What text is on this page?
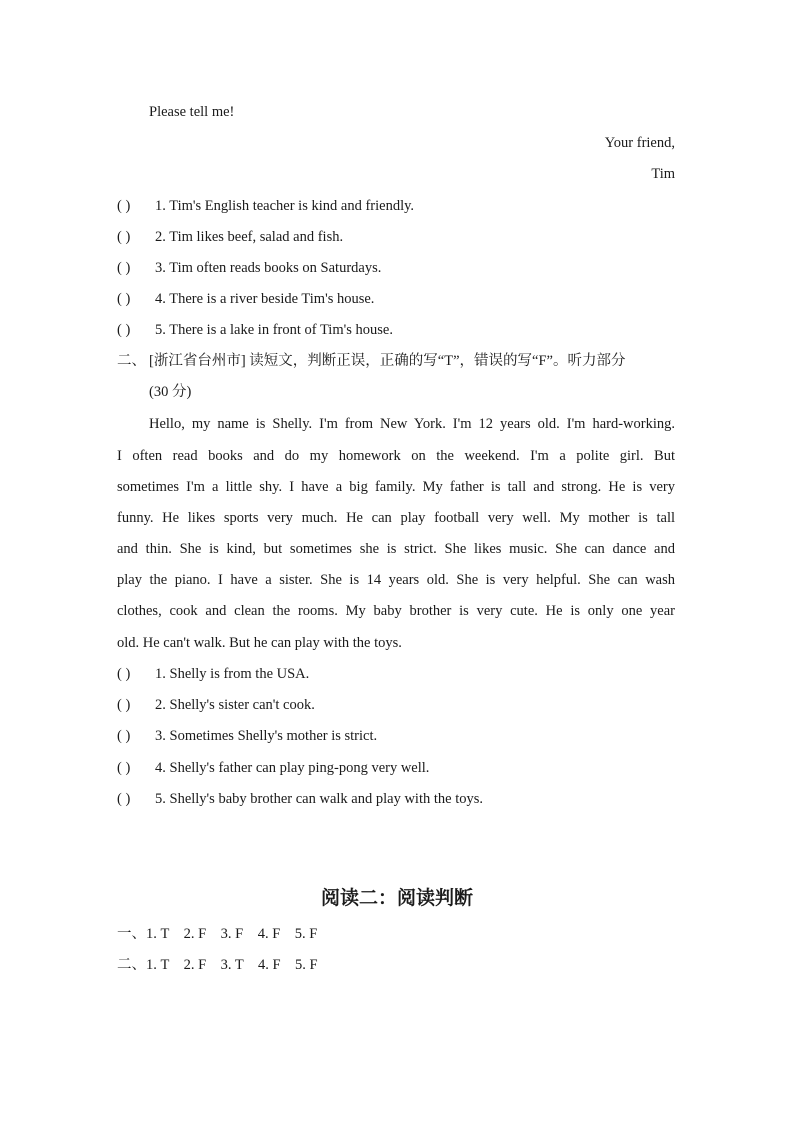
Please tell me!
Your friend,
Tim
( )	1. Tim's English teacher is kind and friendly.
( )	2. Tim likes beef, salad and fish.
( )	3. Tim often reads books on Saturdays.
( )	4. There is a river beside Tim's house.
( )	5. There is a lake in front of Tim's house.
二、 [浙江省台州市] 读短文，判断正误，正确的写“T”，错误的写“F”。听力部分
(30 分)
Hello, my name is Shelly. I'm from New York. I'm 12 years old. I'm hard-working.
I often read books and do my homework on the weekend. I'm a polite girl. But
sometimes I'm a little shy. I have a big family. My father is tall and strong. He is very
funny. He likes sports very much. He can play football very well. My mother is tall
and thin. She is kind, but sometimes she is strict. She likes music. She can dance and
play the piano. I have a sister. She is 14 years old. She is very helpful. She can wash
clothes, cook and clean the rooms. My baby brother is very cute. He is only one year
old. He can't walk. But he can play with the toys.
( )	1. Shelly is from the USA.
( )	2. Shelly's sister can't cook.
( )	3. Sometimes Shelly's mother is strict.
( )	4. Shelly's father can play ping-pong very well.
( )	5. Shelly's baby brother can walk and play with the toys.
阅读二：阅读判断
一、1. T    2. F    3. F    4. F    5. F
二、1. T    2. F    3. T    4. F    5. F
